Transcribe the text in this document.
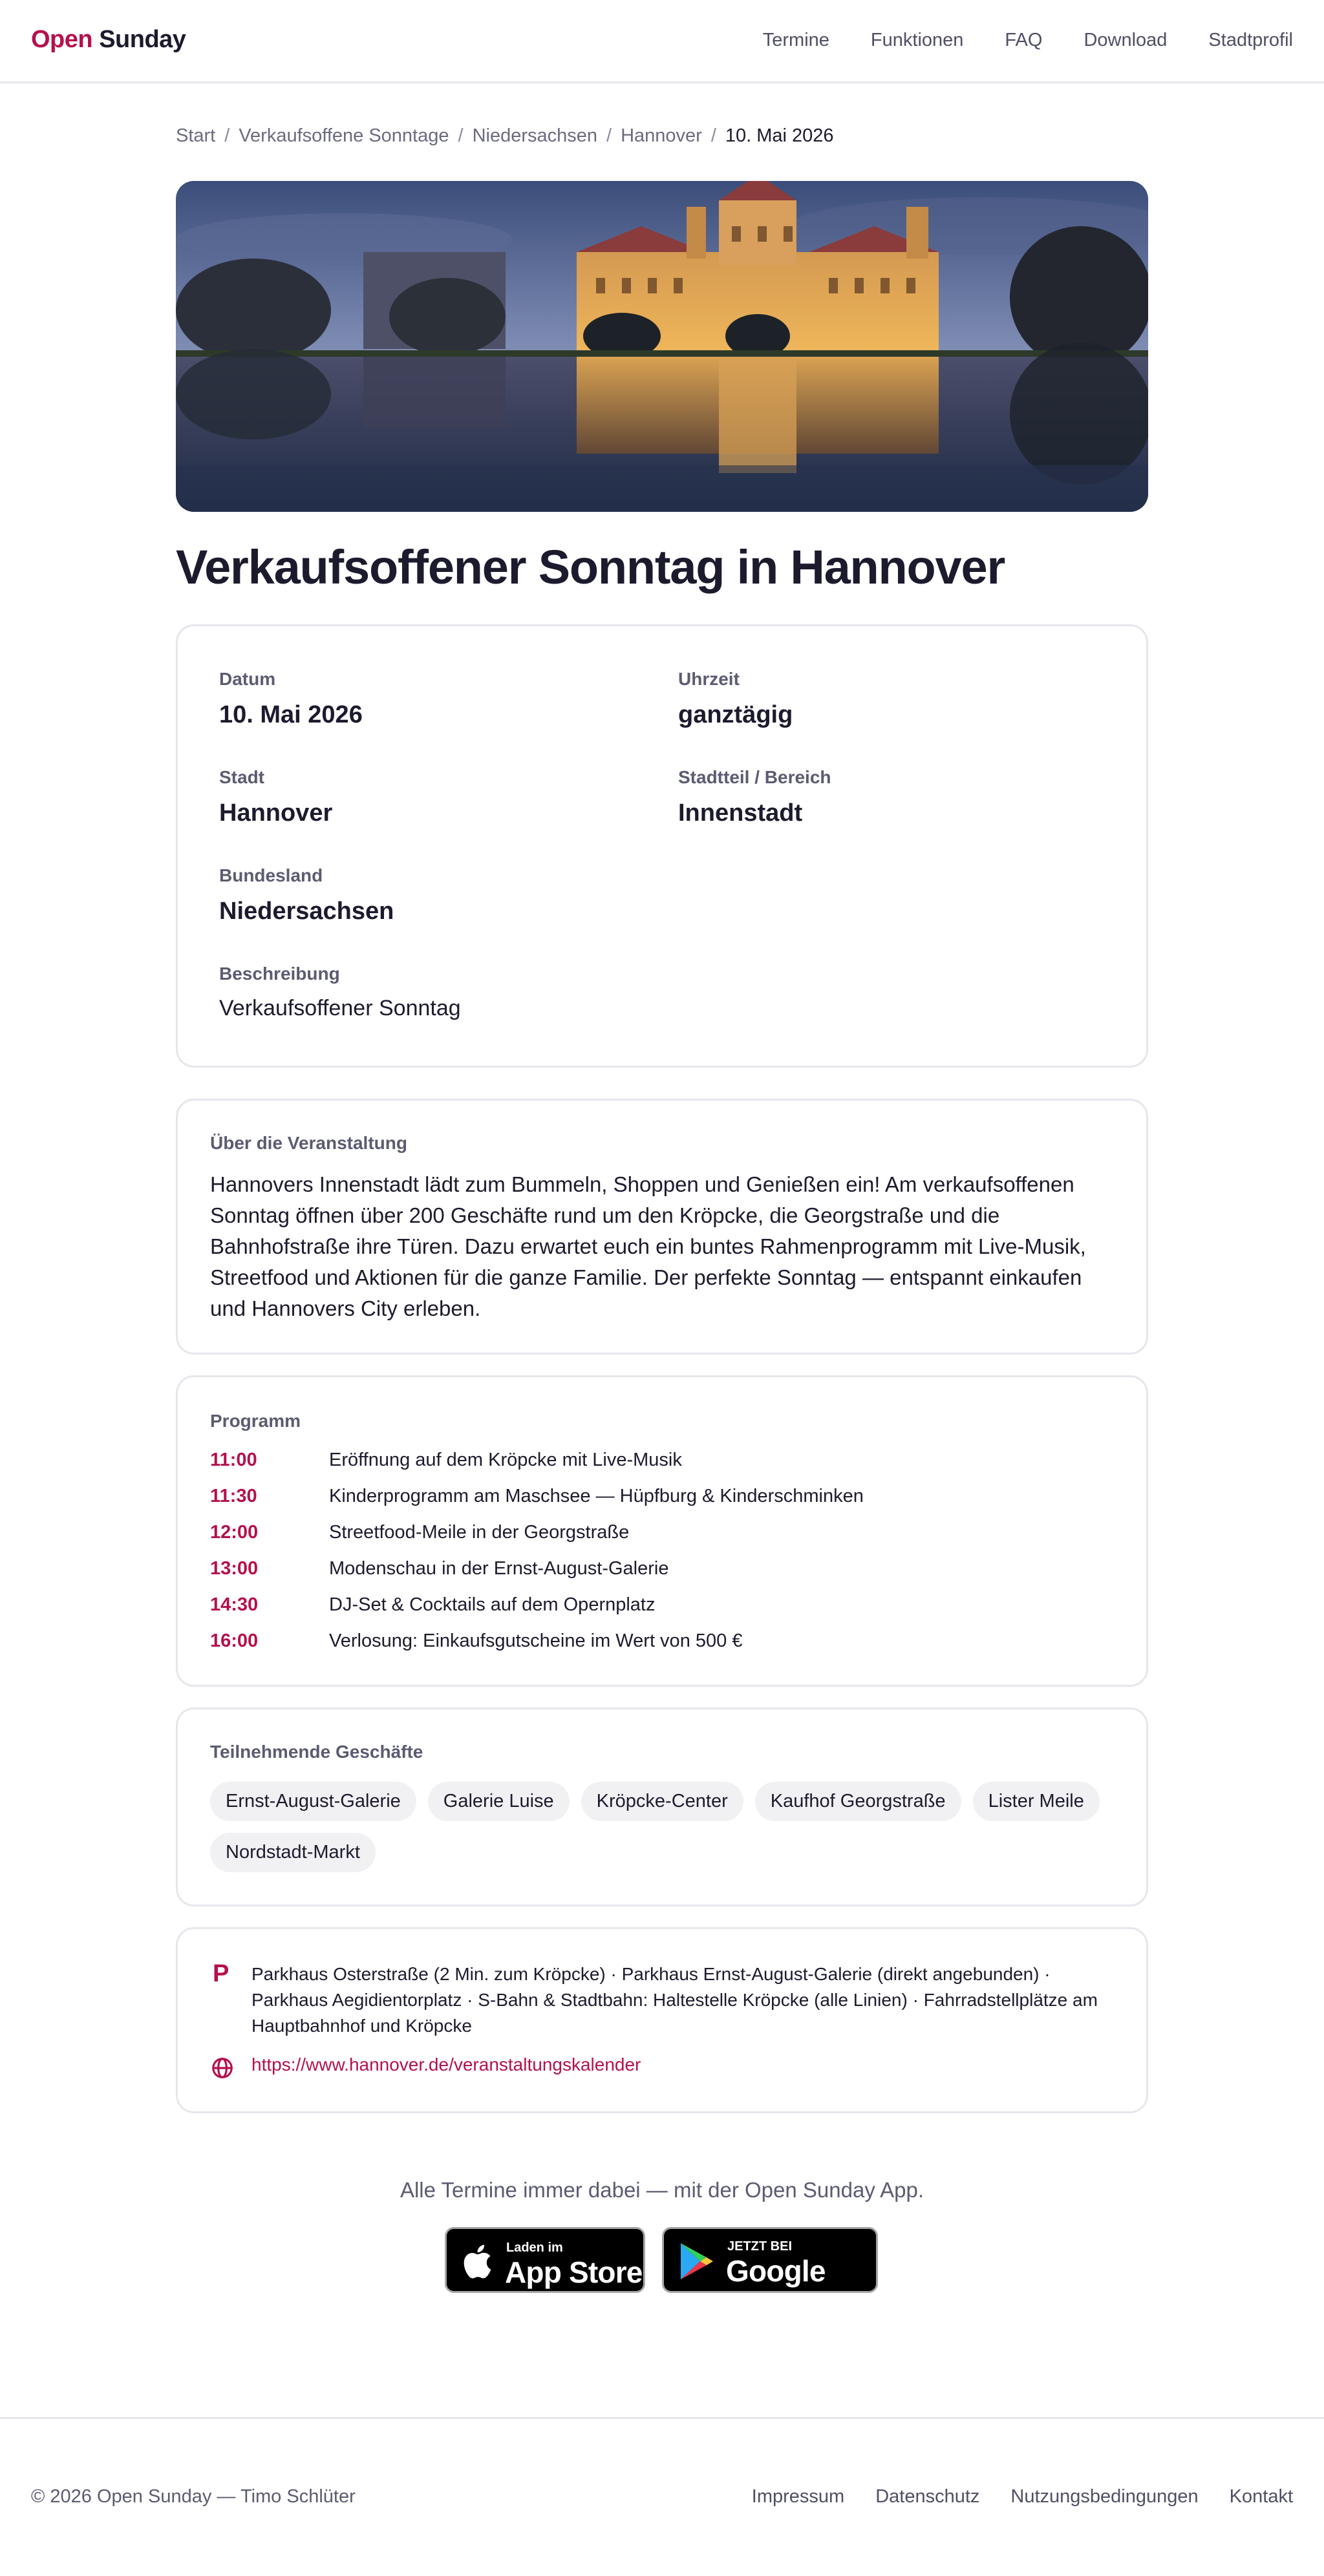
Open Sunday	Termine Funktionen FAQ Download Stadtprofil
Start / Verkaufsoffene Sonntage / Niedersachsen / Hannover / 10. Mai 2026
Verkaufsoffener Sonntag in Hannover
Datum
10. Mai 2026
Uhrzeit
ganztägig
Stadt
Hannover
Stadtteil / Bereich
Innenstadt
Bundesland
Niedersachsen
Beschreibung
Verkaufsoffener Sonntag
Über die Veranstaltung

Hannovers Innenstadt lädt zum Bummeln, Shoppen und Genießen ein! Am verkaufsoffenen Sonntag öffnen über 200 Geschäfte rund um den Kröpcke, die Georgstraße und die Bahnhofstraße ihre Türen. Dazu erwartet euch ein buntes Rahmenprogramm mit Live-Musik, Streetfood und Aktionen für die ganze Familie. Der perfekte Sonntag — entspannt einkaufen und Hannovers City erleben.

Programm
11:00	Eröffnung auf dem Kröpcke mit Live-Musik
11:30	Kinderprogramm am Maschsee — Hüpfburg & Kinderschminken
12:00	Streetfood-Meile in der Georgstraße
13:00	Modenschau in der Ernst-August-Galerie
14:30	DJ-Set & Cocktails auf dem Opernplatz
16:00	Verlosung: Einkaufsgutscheine im Wert von 500 €
Teilnehmende Geschäfte
Ernst-August-Galerie	Galerie Luise	Kröpcke-Center	Kaufhof Georgstraße	Lister Meile
Nordstadt-Markt
P Parkhaus Osterstraße (2 Min. zum Kröpcke) · Parkhaus Ernst-August-Galerie (direkt angebunden) · Parkhaus Aegidientorplatz · S-Bahn & Stadtbahn: Haltestelle Kröpcke (alle Linien) · Fahrradstellplätze am Hauptbahnhof und Kröpcke
https://www.hannover.de/veranstaltungskalender
Alle Termine immer dabei — mit der Open Sunday App.
Laden im
App Store
JETZT BEI
Google Play
© 2026 Open Sunday — Timo Schlüter	Impressum Datenschutz Nutzungsbedingungen Kontakt
